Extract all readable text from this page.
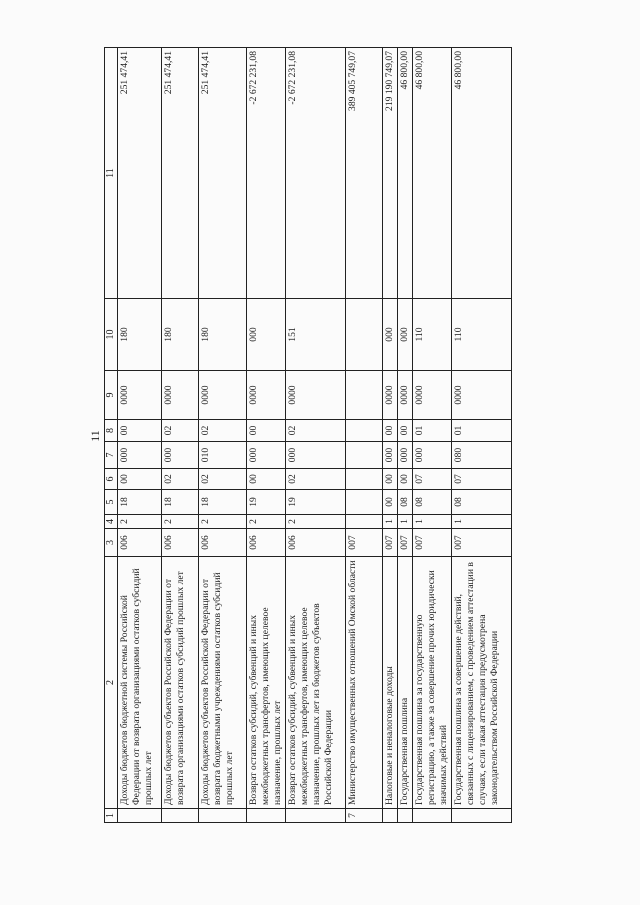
11
1	2	3	4	5	6	7	8	9	10	11
	Доходы бюджетов бюджетной системы Российской Федерации от возврата организациями остатков субсидий прошлых лет	006	2	18	00	000	00	0000	180	251 474,41
	Доходы бюджетов субъектов Российской Федерации от возврата организациями остатков субсидий прошлых лет	006	2	18	02	000	02	0000	180	251 474,41
	Доходы бюджетов субъектов Российской Федерации от возврата бюджетными учреждениями остатков субсидий прошлых лет	006	2	18	02	010	02	0000	180	251 474,41
	Возврат остатков субсидий, субвенций и иных межбюджетных трансфертов, имеющих целевое назначение, прошлых лет	006	2	19	00	000	00	0000	000	-2 672 231,08
	Возврат остатков субсидий, субвенций и иных межбюджетных трансфертов, имеющих целевое назначение, прошлых лет из бюджетов субъектов Российской Федерации	006	2	19	02	000	02	0000	151	-2 672 231,08
7	Министерство имущественных отношений Омской области	007								389 405 749,07
	Налоговые и неналоговые доходы	007	1	00	00	000	00	0000	000	219 190 749,07
	Государственная пошлина	007	1	08	00	000	00	0000	000	46 800,00
	Государственная пошлина за государственную регистрацию, а также за совершение прочих юридически значимых действий	007	1	08	07	000	01	0000	110	46 800,00
	Государственная пошлина за совершение действий, связанных с лицензированием, с проведением аттестации в случаях, если такая аттестация предусмотрена законодательством Российской Федерации	007	1	08	07	080	01	0000	110	46 800,00
